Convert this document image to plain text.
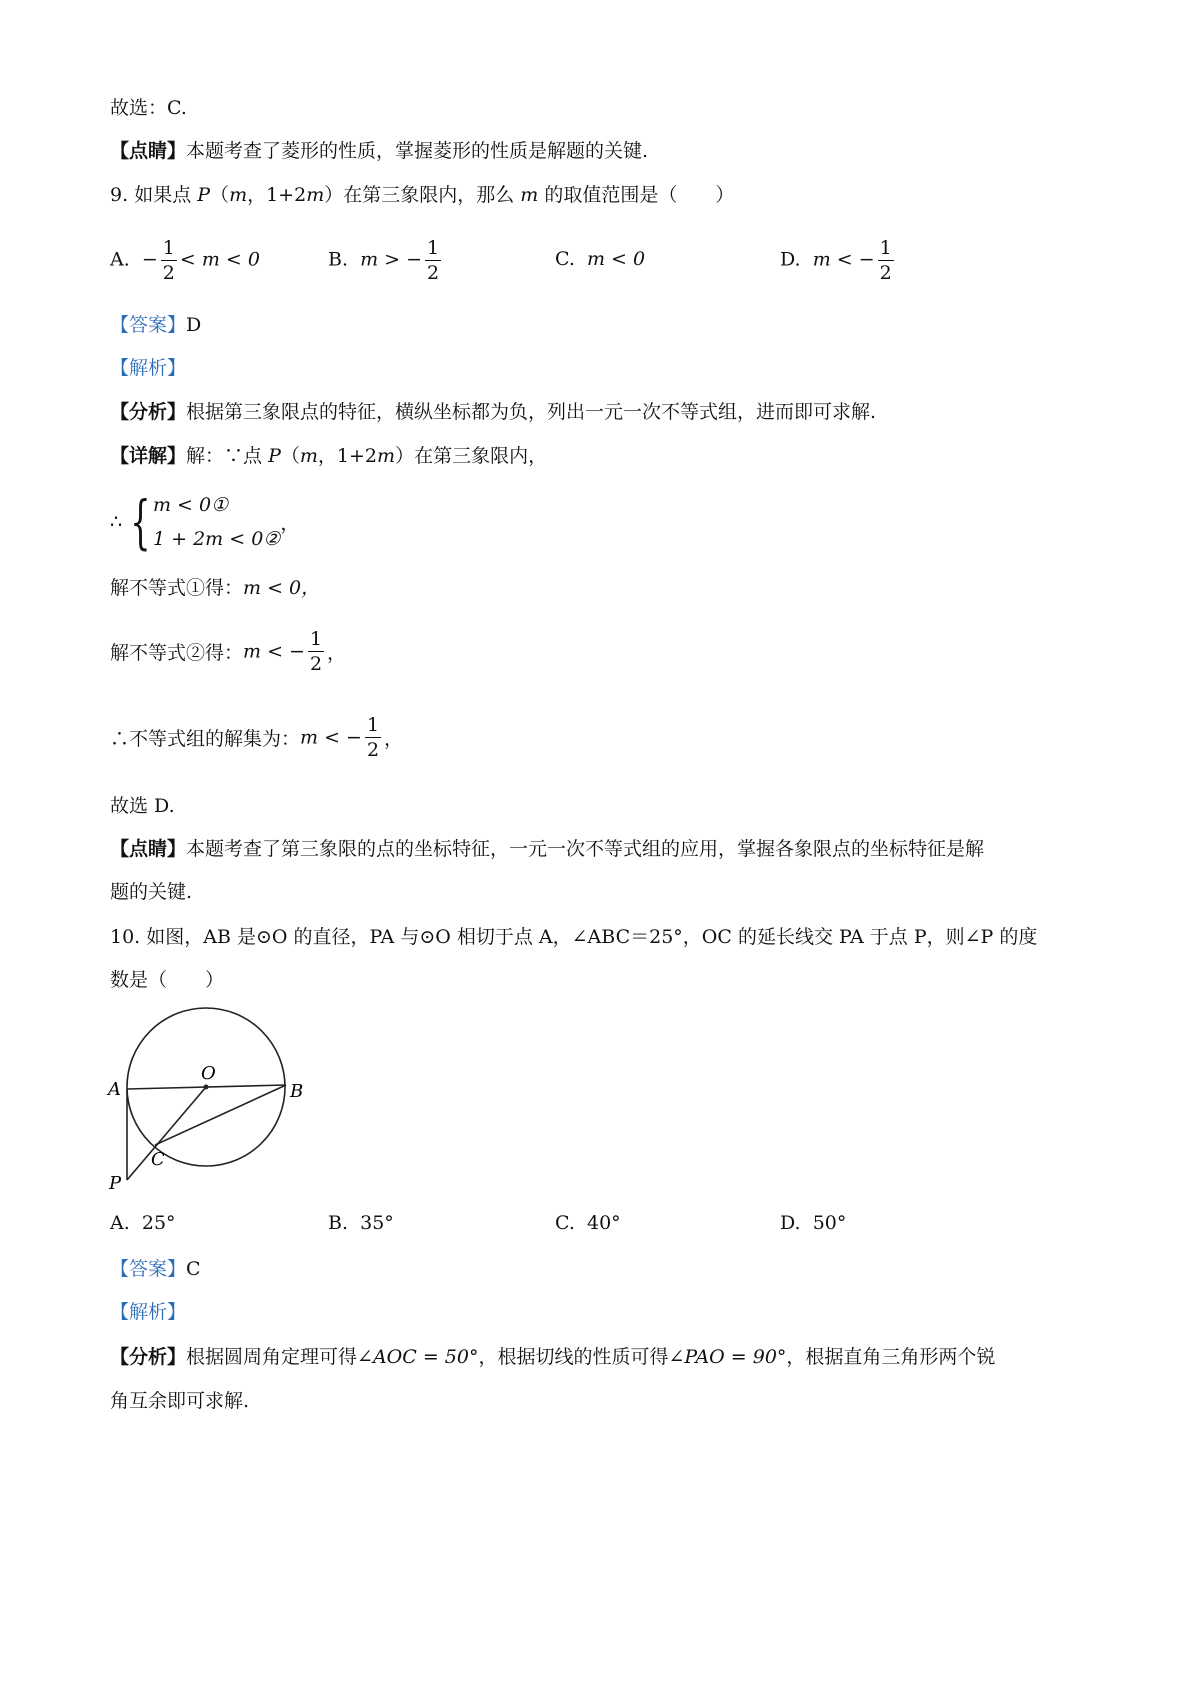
故选：C.
【点睛】本题考查了菱形的性质，掌握菱形的性质是解题的关键.
9. 如果点 P（m，1+2m）在第三象限内，那么 m 的取值范围是（　　）
A. − $\frac{1}{2} < m < 0$	B. m > − $\frac{1}{2}$	C. m < 0	D. m < − $\frac{1}{2}$
【答案】D
【解析】
【分析】根据第三象限点的特征，横纵坐标都为负，列出一元一次不等式组，进而即可求解.
【详解】解：∵点 P（m，1+2m）在第三象限内，
∴ { m < 0①
1 + 2m < 0②
，
解不等式①得：m < 0，
解不等式②得：m < − $\frac{1}{2}$ ，
∴不等式组的解集为：m < − $\frac{1}{2}$ ，
故选 D.
【点睛】本题考查了第三象限的点的坐标特征，一元一次不等式组的应用，掌握各象限点的坐标特征是解
题的关键.
10. 如图，AB 是⊙O 的直径，PA 与⊙O 相切于点 A，∠ABC＝25°，OC 的延长线交 PA 于点 P，则∠P 的度
数是（　　）
A
O
B
C
P
A. 25°	B. 35°	C. 40°	D. 50°
【答案】C
【解析】
【分析】根据圆周角定理可得∠AOC = 50°，根据切线的性质可得∠PAO = 90°，根据直角三角形两个锐
角互余即可求解.
